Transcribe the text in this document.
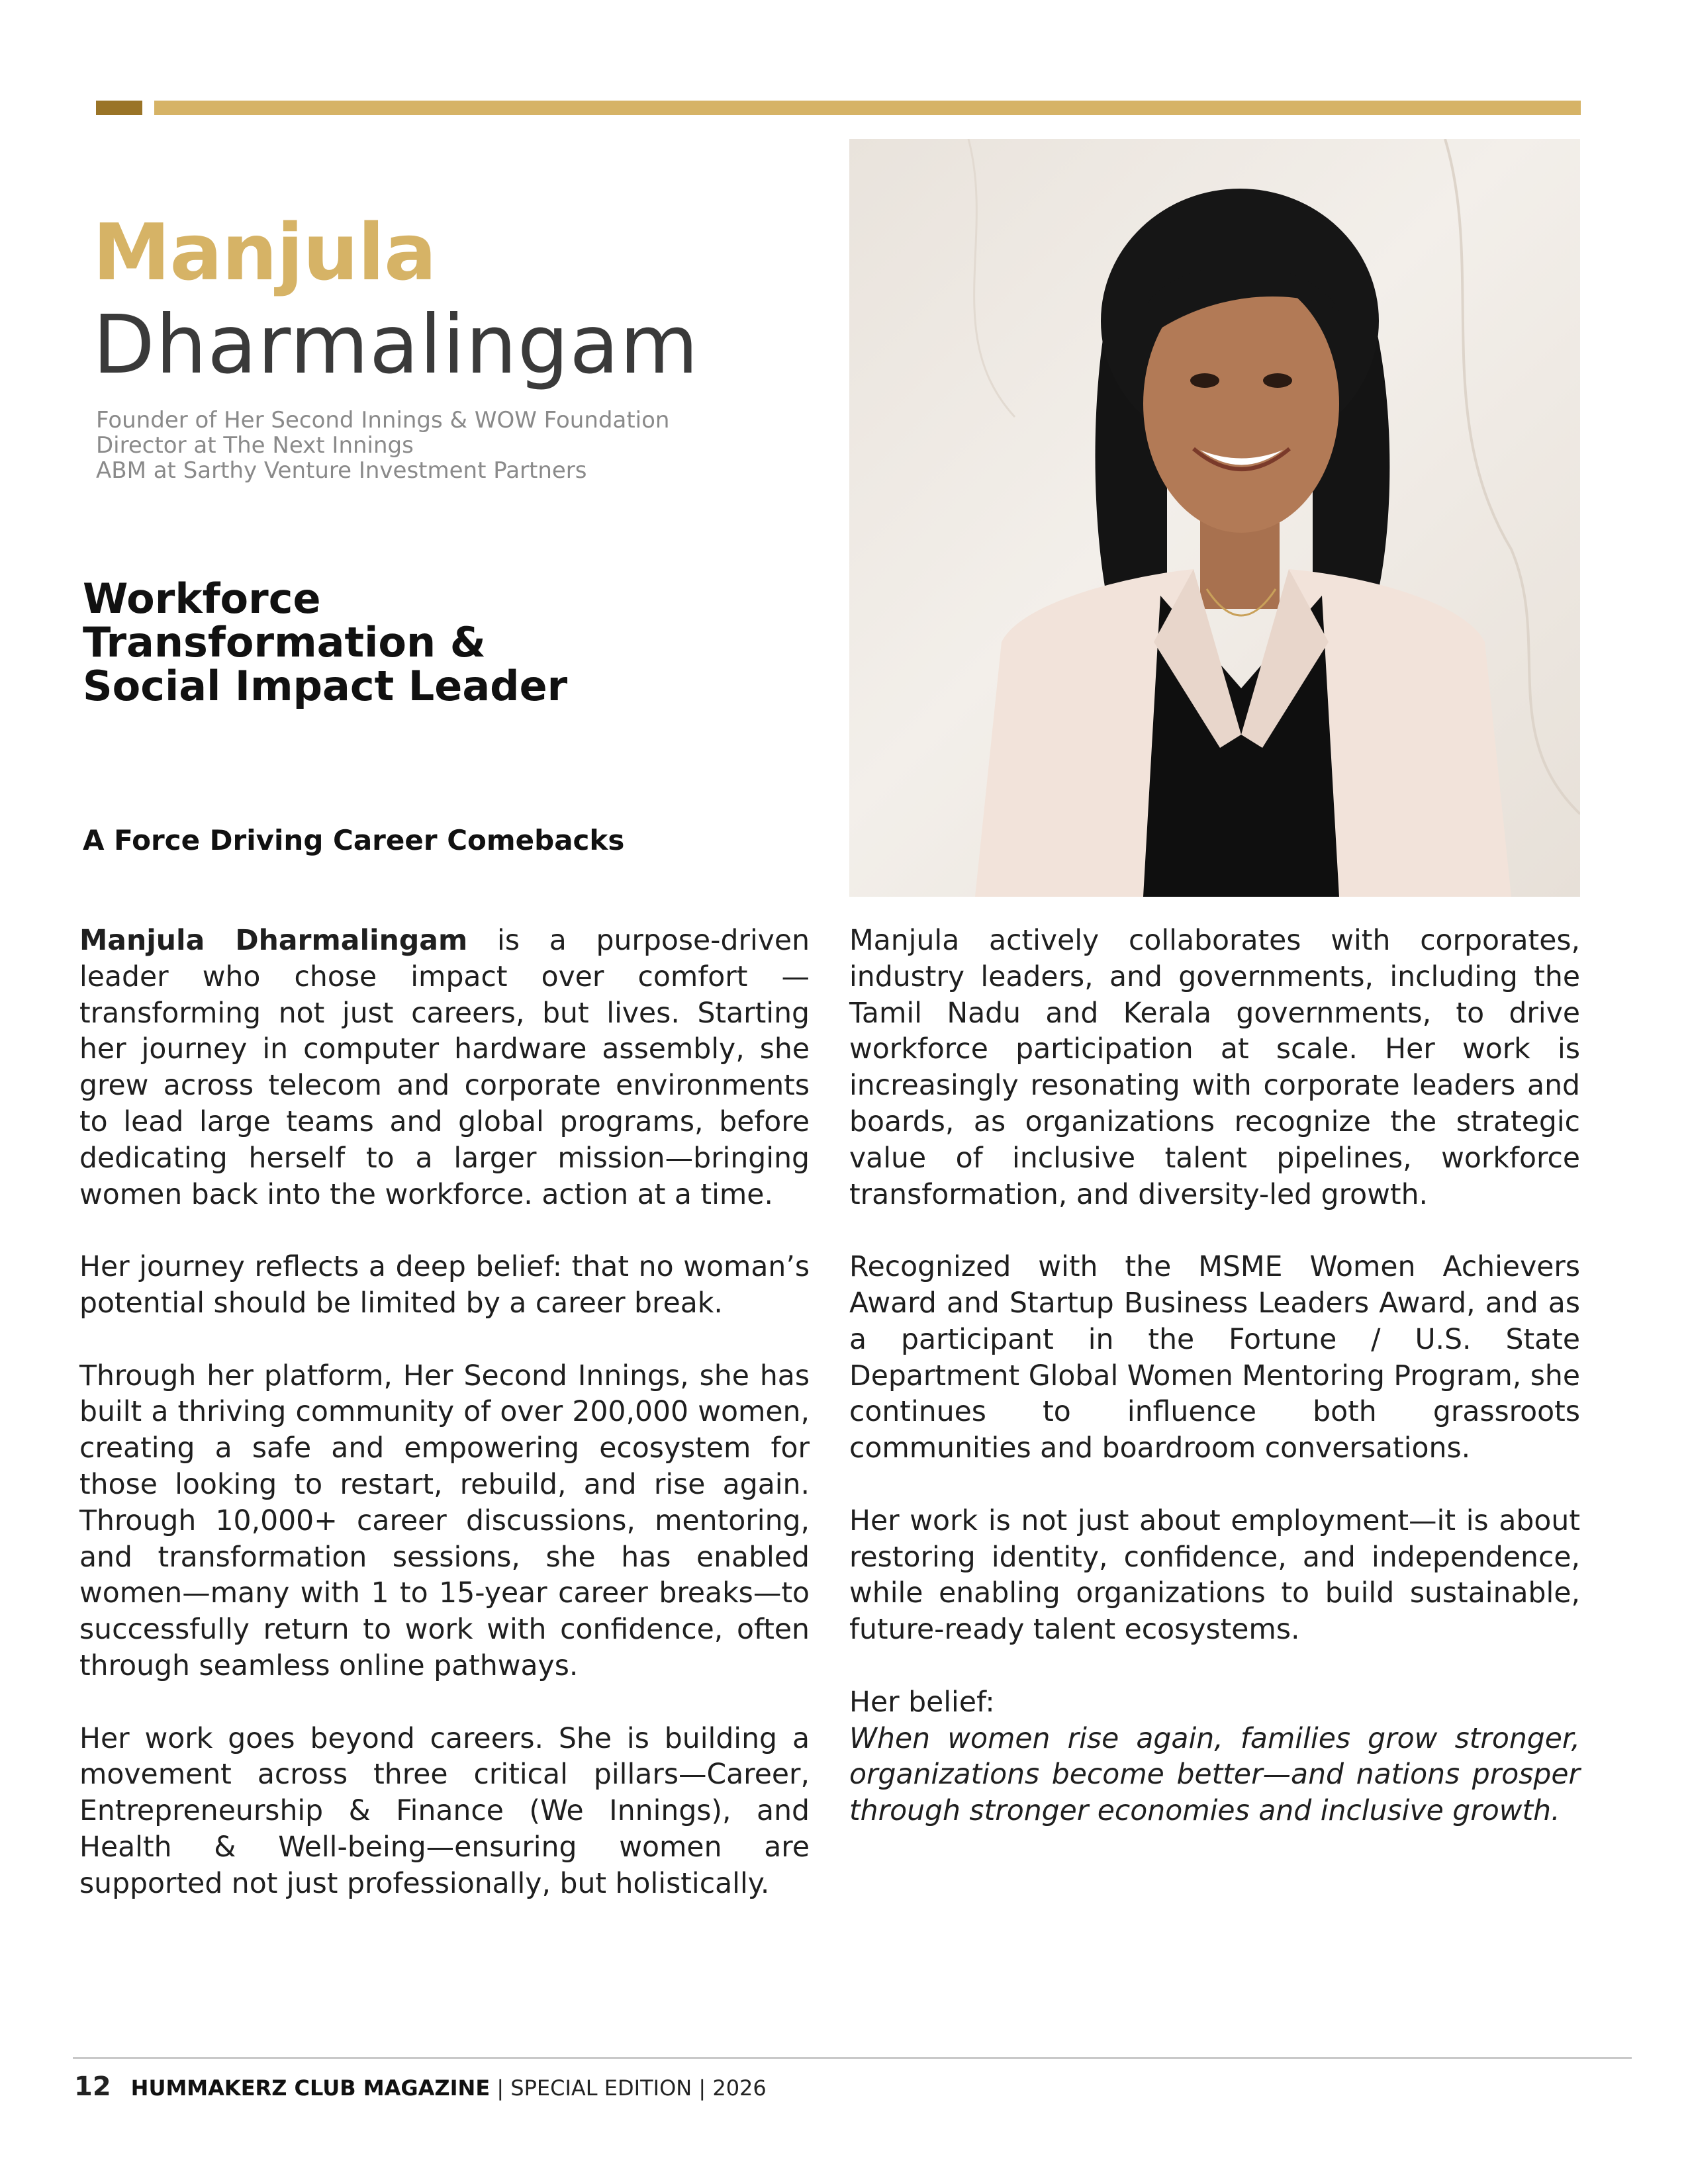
Manjula
Dharmalingam
Founder of Her Second Innings & WOW Foundation
Director at The Next Innings
ABM at Sarthy Venture Investment Partners
Workforce
Transformation &
Social Impact Leader
A Force Driving Career Comebacks

Manjula Dharmalingam is a purpose-driven leader who chose impact over comfort — transforming not just careers, but lives. Starting her journey in computer hardware assembly, she grew across telecom and corporate environments to lead large teams and global programs, before dedicating herself to a larger mission—bringing women back into the workforce. action at a time.

Her journey reflects a deep belief: that no woman’s potential should be limited by a career break.

Through her platform, Her Second Innings, she has built a thriving community of over 200,000 women, creating a safe and empowering ecosystem for those looking to restart, rebuild, and rise again. Through 10,000+ career discussions, mentoring, and transformation sessions, she has enabled women—many with 1 to 15-year career breaks—to successfully return to work with confidence, often through seamless online pathways.

Her work goes beyond careers. She is building a movement across three critical pillars—Career, Entrepreneurship & Finance (We Innings), and Health & Well-being—ensuring women are supported not just professionally, but holistically.

Manjula actively collaborates with corporates, industry leaders, and governments, including the Tamil Nadu and Kerala governments, to drive workforce participation at scale. Her work is increasingly resonating with corporate leaders and boards, as organizations recognize the strategic value of inclusive talent pipelines, workforce transformation, and diversity-led growth.

Recognized with the MSME Women Achievers Award and Startup Business Leaders Award, and as a participant in the Fortune / U.S. State Department Global Women Mentoring Program, she continues to influence both grassroots communities and boardroom conversations.

Her work is not just about employment—it is about restoring identity, confidence, and independence, while enabling organizations to build sustainable, future-ready talent ecosystems.

Her belief:

When women rise again, families grow stronger, organizations become better—and nations prosper through stronger economies and inclusive growth.

12 HUMMAKERZ CLUB MAGAZINE | SPECIAL EDITION | 2026
